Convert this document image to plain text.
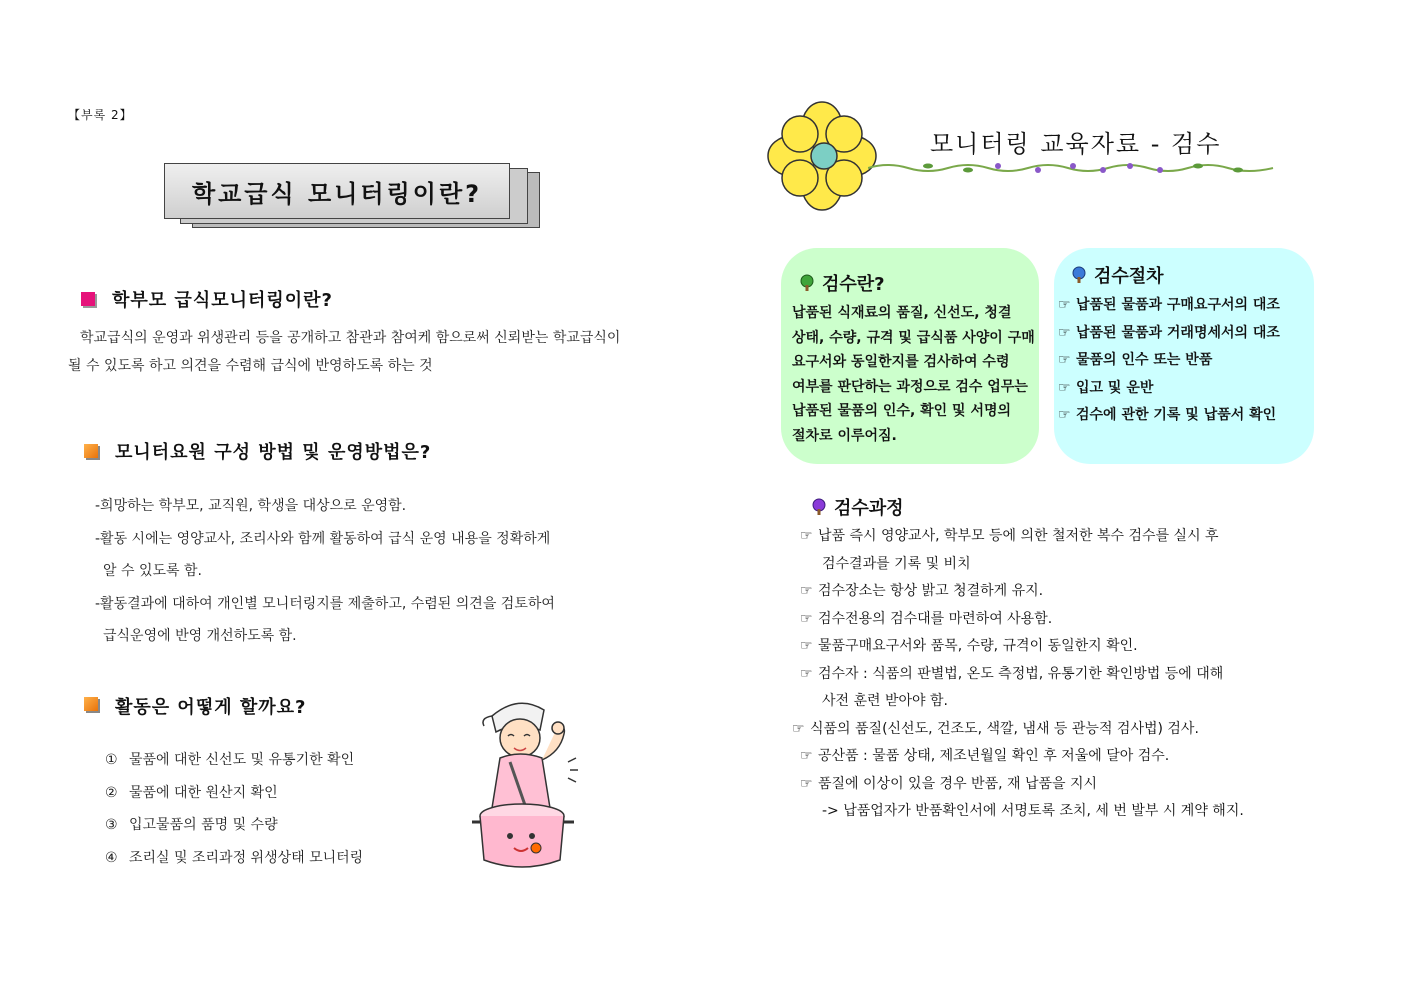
【부록 2】
학교급식 모니터링이란?
학부모 급식모니터링이란?
학교급식의 운영과 위생관리 등을 공개하고 참관과 참여케 함으로써 신뢰받는 학교급식이
될 수 있도록 하고 의견을 수렴해 급식에 반영하도록 하는 것
모니터요원 구성 방법 및 운영방법은?
-희망하는 학부모, 교직원, 학생을 대상으로 운영함.
-활동 시에는 영양교사, 조리사와 함께 활동하여 급식 운영 내용을 정확하게
알 수 있도록 함.
-활동결과에 대하여 개인별 모니터링지를 제출하고, 수렴된 의견을 검토하여
급식운영에 반영 개선하도록 함.
활동은 어떻게 할까요?
① 물품에 대한 신선도 및 유통기한 확인
② 물품에 대한 원산지 확인
③ 입고물품의 품명 및 수량
④ 조리실 및 조리과정 위생상태 모니터링
모니터링 교육자료 - 검수
검수란?
납품된 식재료의 품질, 신선도, 청결
상태, 수량, 규격 및 급식품 사양이 구매
요구서와 동일한지를 검사하여 수령
여부를 판단하는 과정으로 검수 업무는
납품된 물품의 인수, 확인 및 서명의
절차로 이루어짐.
검수절차
☞ 납품된 물품과 구매요구서의 대조
☞ 납품된 물품과 거래명세서의 대조
☞ 물품의 인수 또는 반품
☞ 입고 및 운반
☞ 검수에 관한 기록 및 납품서 확인
검수과정
☞ 납품 즉시 영양교사, 학부모 등에 의한 철저한 복수 검수를 실시 후
검수결과를 기록 및 비치
☞ 검수장소는 항상 밝고 청결하게 유지.
☞ 검수전용의 검수대를 마련하여 사용함.
☞ 물품구매요구서와 품목, 수량, 규격이 동일한지 확인.
☞ 검수자 : 식품의 판별법, 온도 측정법, 유통기한 확인방법 등에 대해
사전 훈련 받아야 함.
☞ 식품의 품질(신선도, 건조도, 색깔, 냄새 등 관능적 검사법) 검사.
☞ 공산품 : 물품 상태, 제조년월일 확인 후 저울에 달아 검수.
☞ 품질에 이상이 있을 경우 반품, 재 납품을 지시
-> 납품업자가 반품확인서에 서명토록 조치, 세 번 발부 시 계약 해지.
